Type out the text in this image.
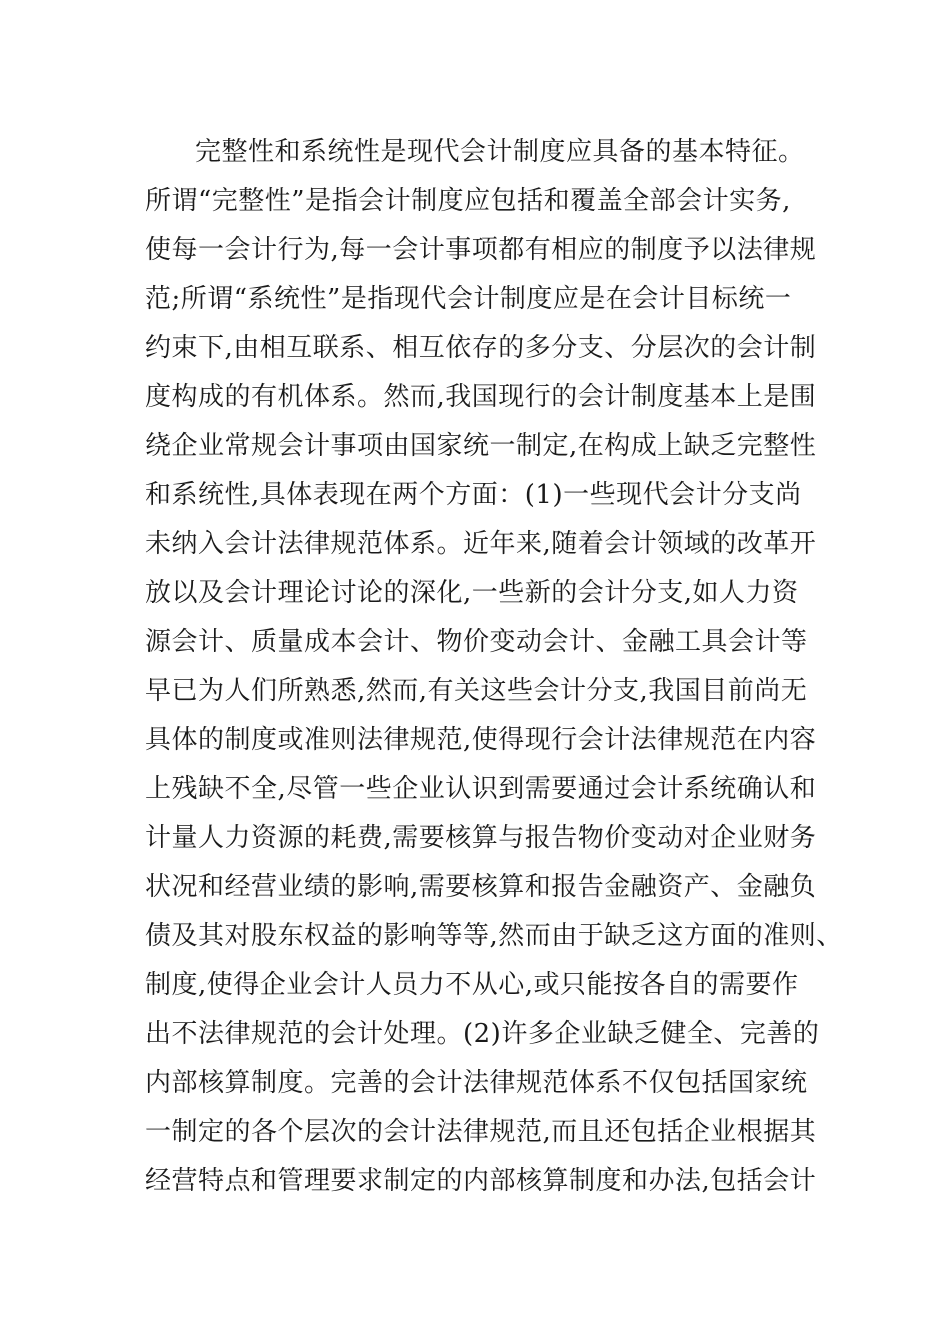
完整性和系统性是现代会计制度应具备的基本特征。
所谓“完整性”是指会计制度应包括和覆盖全部会计实务,
使每一会计行为,每一会计事项都有相应的制度予以法律规
范;所谓“系统性”是指现代会计制度应是在会计目标统一
约束下,由相互联系、相互依存的多分支、分层次的会计制
度构成的有机体系。然而,我国现行的会计制度基本上是围
绕企业常规会计事项由国家统一制定,在构成上缺乏完整性
和系统性,具体表现在两个方面：(1)一些现代会计分支尚
未纳入会计法律规范体系。近年来,随着会计领域的改革开
放以及会计理论讨论的深化,一些新的会计分支,如人力资
源会计、质量成本会计、物价变动会计、金融工具会计等
早已为人们所熟悉,然而,有关这些会计分支,我国目前尚无
具体的制度或准则法律规范,使得现行会计法律规范在内容
上残缺不全,尽管一些企业认识到需要通过会计系统确认和
计量人力资源的耗费,需要核算与报告物价变动对企业财务
状况和经营业绩的影响,需要核算和报告金融资产、金融负
债及其对股东权益的影响等等,然而由于缺乏这方面的准则、
制度,使得企业会计人员力不从心,或只能按各自的需要作
出不法律规范的会计处理。(2)许多企业缺乏健全、完善的
内部核算制度。完善的会计法律规范体系不仅包括国家统
一制定的各个层次的会计法律规范,而且还包括企业根据其
经营特点和管理要求制定的内部核算制度和办法,包括会计
